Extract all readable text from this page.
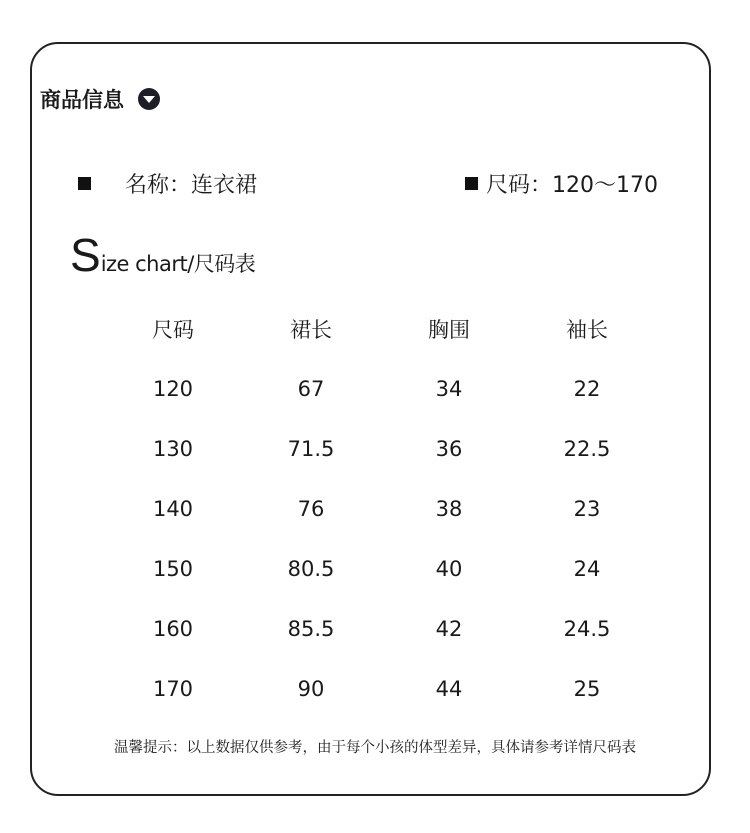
商品信息
名称：连衣裙	尺码：120～170
S ize chart/尺码表
尺码	裙长	胸围	袖长
120	67	34	22
130	71.5	36	22.5
140	76	38	23
150	80.5	40	24
160	85.5	42	24.5
170	90	44	25
温馨提示：以上数据仅供参考，由于每个小孩的体型差异，具体请参考详情尺码表
